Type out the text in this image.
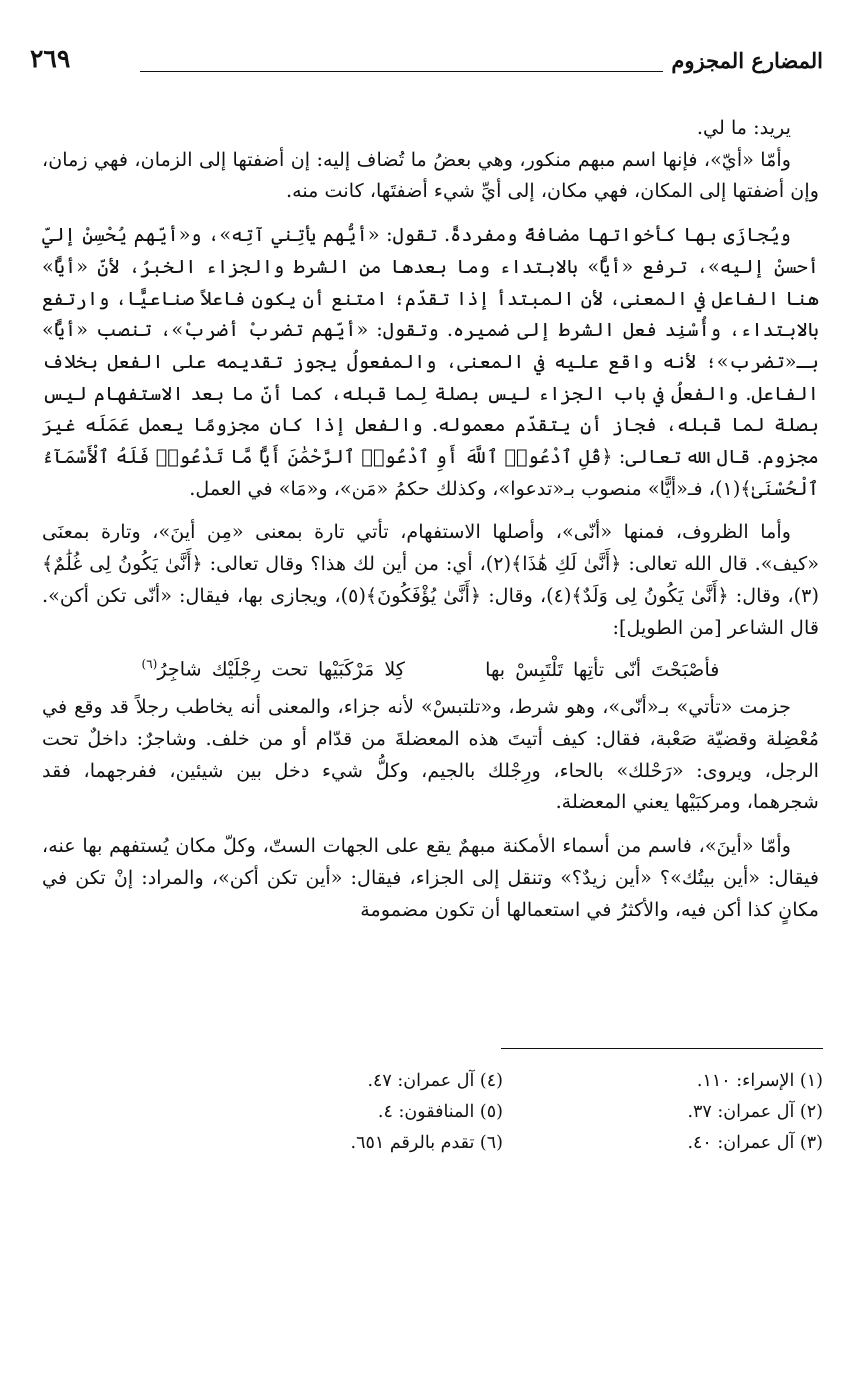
المضارع المجزوم
٢٦٩

يريد: ما لي.

وأمّا «أيّ»، فإنها اسم مبهم منكور، وهي بعضُ ما تُضاف إليه: إن أضفتها إلى الزمان، فهي زمان، وإن أضفتها إلى المكان، فهي مكان، إلى أيِّ شيء أضفتَها، كانت منه.

ويُجازَى بها كأخواتها مضافةً ومفردةً. تقول: «أيُّهم يأتِني آتِه»، و«أيّهم يُحْسِنْ إليّ أحسنْ إليه»، ترفع «أيًّا» بالابتداء وما بعدها من الشرط والجزاء الخبرُ، لأنّ «أيًّا» هنا الفاعل في المعنى، لأن المبتدأ إذا تقدّم؛ امتنع أن يكون فاعلاً صناعيًّا، وارتفع بالابتداء، وأُسْنِد فعل الشرط إلى ضميره. وتقول: «أيّهم تضربْ أضربْ»، تنصب «أيًّا» بـ«تضرب»؛ لأنه واقع عليه في المعنى، والمفعولُ يجوز تقديمه على الفعل بخلاف الفاعل. والفعلُ في باب الجزاء ليس بصلة لِما قبله، كما أنّ ما بعد الاستفهام ليس بصلة لما قبله، فجاز أن يتقدّم معموله. والفعل إذا كان مجزومًا يعمل عَمَلَه غيرَ مجزوم. قال الله تعالى: ﴿قُلِ ٱدْعُوا۟ ٱللَّهَ أَوِ ٱدْعُوا۟ ٱلرَّحْمَٰنَ أَيًّا مَّا تَدْعُوا۟ فَلَهُ ٱلْأَسْمَآءُ ٱلْحُسْنَىٰ﴾(١)، فـ«أيًّا» منصوب بـ«تدعوا»، وكذلك حكمُ «مَن»، و«مَا» في العمل.

وأما الظروف، فمنها «أنّى»، وأصلها الاستفهام، تأتي تارة بمعنى «مِن أينَ»، وتارة بمعنَى «كيف». قال الله تعالى: ﴿أَنَّىٰ لَكِ هَٰذَا﴾(٢)، أي: من أين لك هذا؟ وقال تعالى: ﴿أَنَّىٰ يَكُونُ لِى غُلَٰمٌ﴾(٣)، وقال: ﴿أَنَّىٰ يَكُونُ لِى وَلَدٌ﴾(٤)، وقال: ﴿أَنَّىٰ يُؤْفَكُونَ﴾(٥)، ويجازى بها، فيقال: «أنّى تكن أكن». قال الشاعر [من الطويل]:

فأصْبَحْتَ أنّى تأتِها تَلْتَبِسْ بها كِلا مَرْكَبَيْها تحت رِجْلَيْك شاجِرُ$^{(٦)}$

جزمت «تأتي» بـ«أنّى»، وهو شرط، و«تلتبسْ» لأنه جزاء، والمعنى أنه يخاطب رجلاً قد وقع في مُعْضِلة وقضيّة صَعْبة، فقال: كيف أتيتَ هذه المعضلةَ من قدّام أو من خلف. وشاجرٌ: داخلٌ تحت الرجل، ويروى: «رَحْلك» بالحاء، ورِجْلك بالجيم، وكلُّ شيء دخل بين شيئين، ففرجهما، فقد شجرهما، ومركبَيْها يعني المعضلة.

وأمّا «أينَ»، فاسم من أسماء الأمكنة مبهمٌ يقع على الجهات الستّ، وكلّ مكان يُستفهم بها عنه، فيقال: «أين بيتُك»؟ «أين زيدٌ؟» وتنقل إلى الجزاء، فيقال: «أين تكن أكن»، والمراد: إنْ تكن في مكانٍ كذا أكن فيه، والأكثرُ في استعمالها أن تكون مضمومة

(١) الإسراء: ١١٠.
(٢) آل عمران: ٣٧.
(٣) آل عمران: ٤٠.
(٤) آل عمران: ٤٧.
(٥) المنافقون: ٤.
(٦) تقدم بالرقم ٦٥١.
